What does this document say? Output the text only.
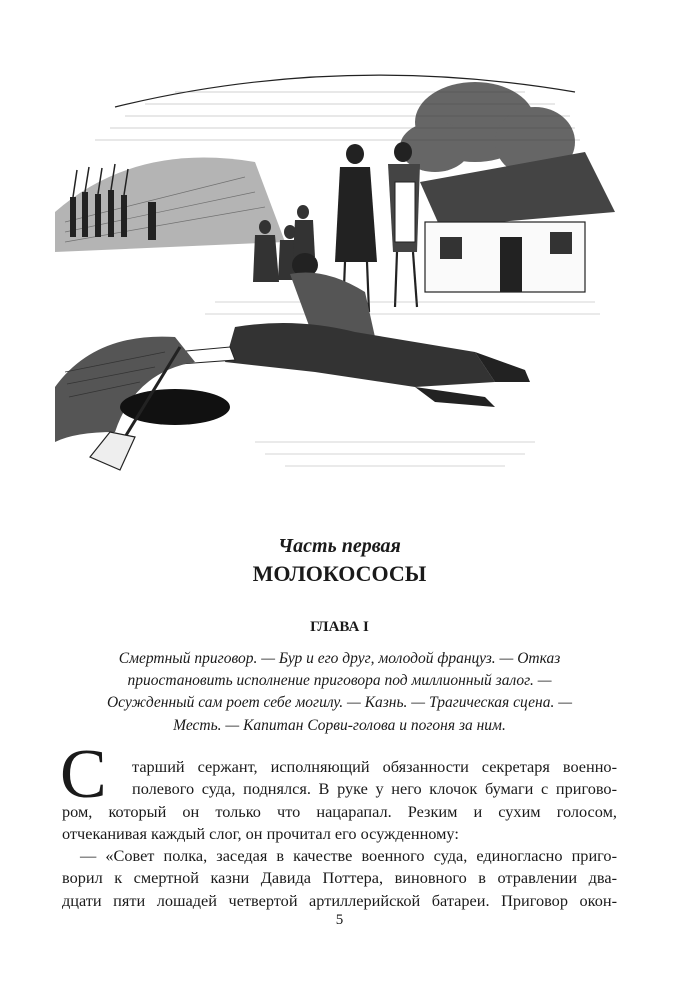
Часть первая
МОЛОКОСОСЫ
ГЛАВА I
Смертный приговор. — Бур и его друг, молодой француз. — Отказ
приостановить исполнение приговора под миллионный залог. —
Осужденный сам роет себе могилу. — Казнь. — Трагическая сцена. —
Месть. — Капитан Сорви-голова и погоня за ним.
С	тарший сержант, исполняющий обязанности секретаря военно-
полевого суда, поднялся. В руке у него клочок бумаги с пригово-
ром, который он только что нацарапал. Резким и сухим голосом,
отчеканивая каждый слог, он прочитал его осужденному:
— «Совет полка, заседая в качестве военного суда, единогласно приго-
ворил к смертной казни Давида Поттера, виновного в отравлении два-
дцати пяти лошадей четвертой артиллерийской батареи. Приговор окон-
5
